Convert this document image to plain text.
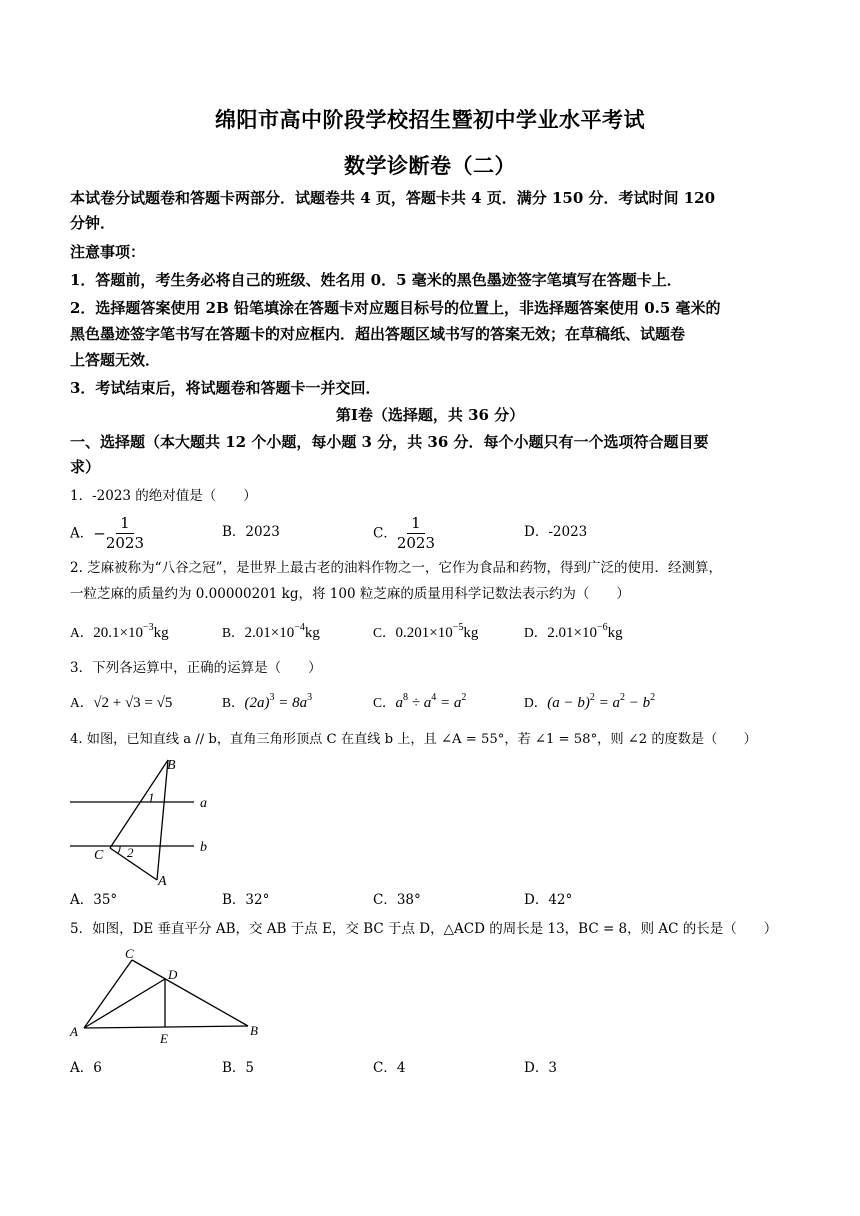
绵阳市高中阶段学校招生暨初中学业水平考试
数学诊断卷（二）
本试卷分试题卷和答题卡两部分．试题卷共 4 页，答题卡共 4 页．满分 150 分．考试时间 120
分钟．
注意事项：
1．答题前，考生务必将自己的班级、姓名用 0．5 毫米的黑色墨迹签字笔填写在答题卡上．
2．选择题答案使用 2B 铅笔填涂在答题卡对应题目标号的位置上，非选择题答案使用 0.5 毫米的
黑色墨迹签字笔书写在答题卡的对应框内．超出答题区域书写的答案无效；在草稿纸、试题卷
上答题无效．
3．考试结束后，将试题卷和答题卡一并交回．
第Ⅰ卷（选择题，共 36 分）
一、选择题（本大题共 12 个小题，每小题 3 分，共 36 分．每个小题只有一个选项符合题目要
求）
1．-2023 的绝对值是（　　）
A．− $\frac{1}{2023}$	B．2023	C． $\frac{1}{2023}$	D．-2023
2. 芝麻被称为“八谷之冠”，是世界上最古老的油料作物之一，它作为食品和药物，得到广泛的使用．经测算，
一粒芝麻的质量约为 0.00000201 kg，将 100 粒芝麻的质量用科学记数法表示约为（　　）
A．$20.1\times 10^{-3}kg$	B．$2.01\times 10^{-4}kg$	C．$0.201\times 10^{-5}kg$	D．$2.01\times 10^{-6}kg$
3．下列各运算中，正确的运算是（　　）
A．√2 + √3 = √5	B．$(2a)^3 = 8a^3$	C．$a^8 \div a^4 = a^2$	D．$(a - b)^2 = a^2 - b^2$
4. 如图，已知直线 a // b，直角三角形顶点 C 在直线 b 上，且 ∠A = 55°，若 ∠1 = 58°，则 ∠2 的度数是（　　）
B
1	a
C 2	b
A
A．35°	B．32°	C．38°	D．42°
5．如图，DE 垂直平分 AB，交 AB 于点 E，交 BC 于点 D，△ACD 的周长是 13，BC = 8，则 AC 的长是（　　）
C
D
A	E
B
A．6	B．5	C．4	D．3
